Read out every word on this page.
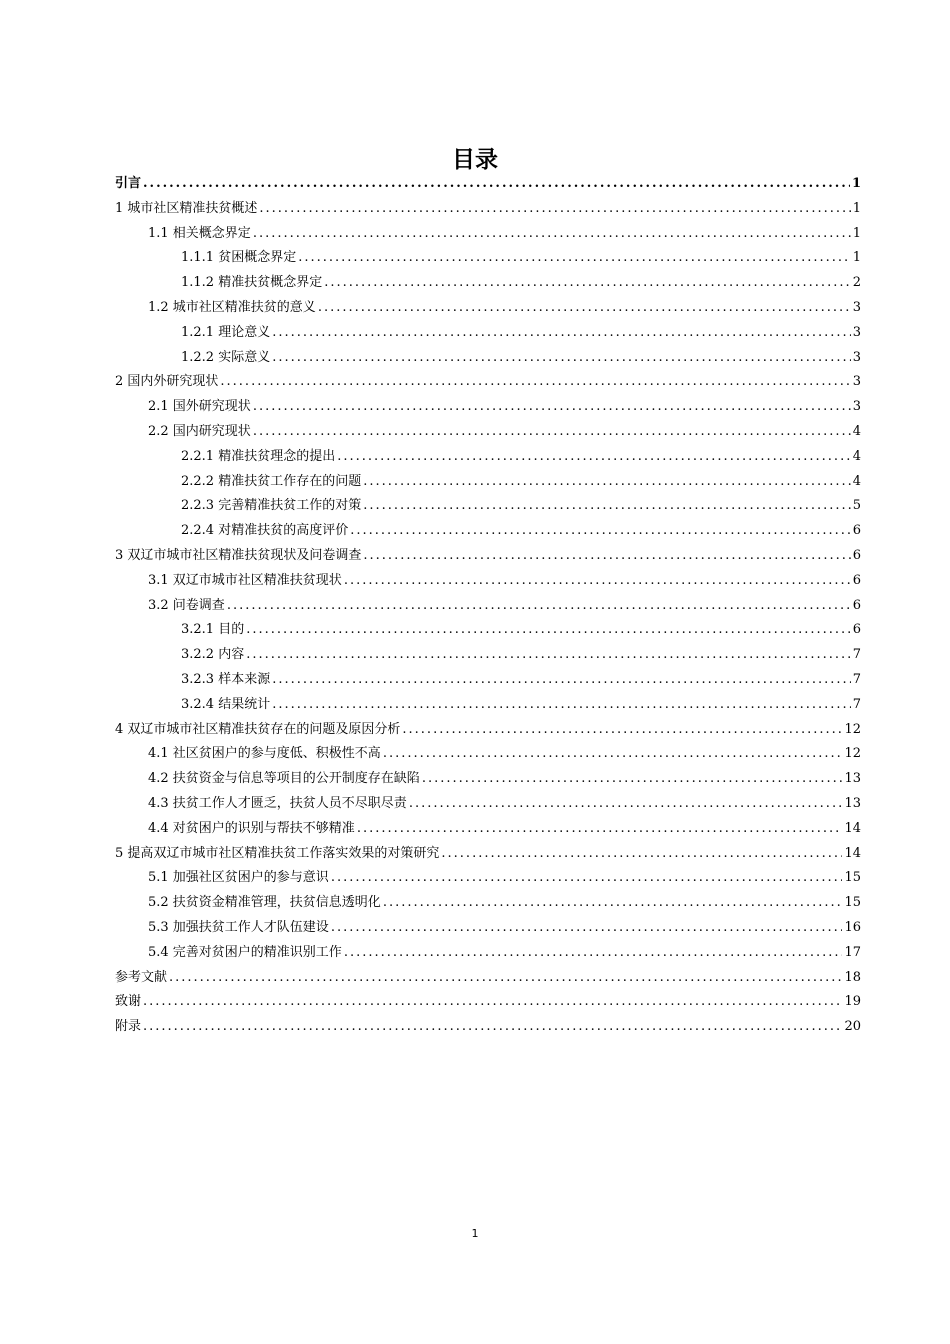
目录
引言 .....	1
1 城市社区精准扶贫概述 .....	1
1.1 相关概念界定 .....	1
1.1.1 贫困概念界定 .....	1
1.1.2 精准扶贫概念界定 .....	2
1.2 城市社区精准扶贫的意义 .....	3
1.2.1 理论意义 .....	3
1.2.2 实际意义 .....	3
2 国内外研究现状 .....	3
2.1 国外研究现状 .....	3
2.2 国内研究现状 .....	4
2.2.1 精准扶贫理念的提出 .....	4
2.2.2 精准扶贫工作存在的问题 .....	4
2.2.3 完善精准扶贫工作的对策 .....	5
2.2.4 对精准扶贫的高度评价 .....	6
3 双辽市城市社区精准扶贫现状及问卷调查 .....	6
3.1 双辽市城市社区精准扶贫现状 .....	6
3.2 问卷调查 .....	6
3.2.1 目的 .....	6
3.2.2 内容 .....	7
3.2.3 样本来源 .....	7
3.2.4 结果统计 .....	7
4 双辽市城市社区精准扶贫存在的问题及原因分析 .....	12
4.1 社区贫困户的参与度低、积极性不高 .....	12
4.2 扶贫资金与信息等项目的公开制度存在缺陷 .....	13
4.3 扶贫工作人才匮乏，扶贫人员不尽职尽责 .....	13
4.4 对贫困户的识别与帮扶不够精准 .....	14
5 提高双辽市城市社区精准扶贫工作落实效果的对策研究 .....	14
5.1 加强社区贫困户的参与意识 .....	15
5.2 扶贫资金精准管理，扶贫信息透明化 .....	15
5.3 加强扶贫工作人才队伍建设 .....	16
5.4 完善对贫困户的精准识别工作 .....	17
参考文献 .....	18
致谢 .....	19
附录 .....	20
1
